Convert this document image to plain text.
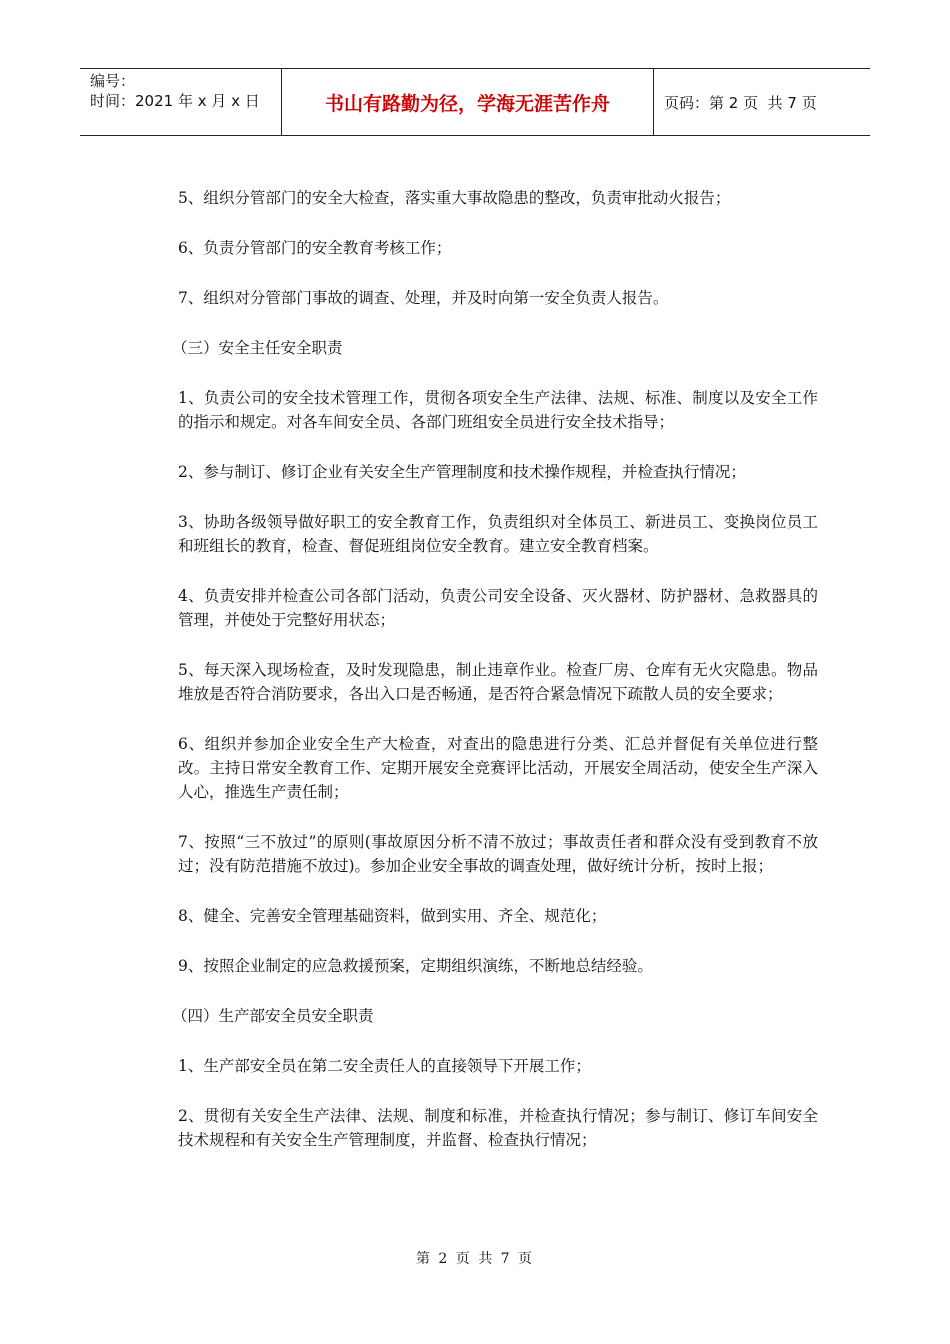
编号：
时间：2021 年 x 月 x 日	书山有路勤为径，学海无涯苦作舟	页码：第 2 页  共 7 页

5、组织分管部门的安全大检查，落实重大事故隐患的整改，负责审批动火报告；

6、负责分管部门的安全教育考核工作；

7、组织对分管部门事故的调查、处理，并及时向第一安全负责人报告。

（三）安全主任安全职责

1、负责公司的安全技术管理工作，贯彻各项安全生产法律、法规、标准、制度以及安全工作的指示和规定。对各车间安全员、各部门班组安全员进行安全技术指导；

2、参与制订、修订企业有关安全生产管理制度和技术操作规程，并检查执行情况；

3、协助各级领导做好职工的安全教育工作，负责组织对全体员工、新进员工、变换岗位员工和班组长的教育，检查、督促班组岗位安全教育。建立安全教育档案。

4、负责安排并检查公司各部门活动，负责公司安全设备、灭火器材、防护器材、急救器具的管理，并使处于完整好用状态；

5、每天深入现场检查，及时发现隐患，制止违章作业。检查厂房、仓库有无火灾隐患。物品堆放是否符合消防要求，各出入口是否畅通，是否符合紧急情况下疏散人员的安全要求；

6、组织并参加企业安全生产大检查，对查出的隐患进行分类、汇总并督促有关单位进行整改。主持日常安全教育工作、定期开展安全竞赛评比活动，开展安全周活动，使安全生产深入人心，推选生产责任制；

7、按照“三不放过”的原则(事故原因分析不清不放过；事故责任者和群众没有受到教育不放过；没有防范措施不放过)。参加企业安全事故的调查处理，做好统计分析，按时上报；

8、健全、完善安全管理基础资料，做到实用、齐全、规范化；

9、按照企业制定的应急救援预案，定期组织演练，不断地总结经验。

（四）生产部安全员安全职责

1、生产部安全员在第二安全责任人的直接领导下开展工作；

2、贯彻有关安全生产法律、法规、制度和标准，并检查执行情况；参与制订、修订车间安全技术规程和有关安全生产管理制度，并监督、检查执行情况；

第 2 页 共 7 页
